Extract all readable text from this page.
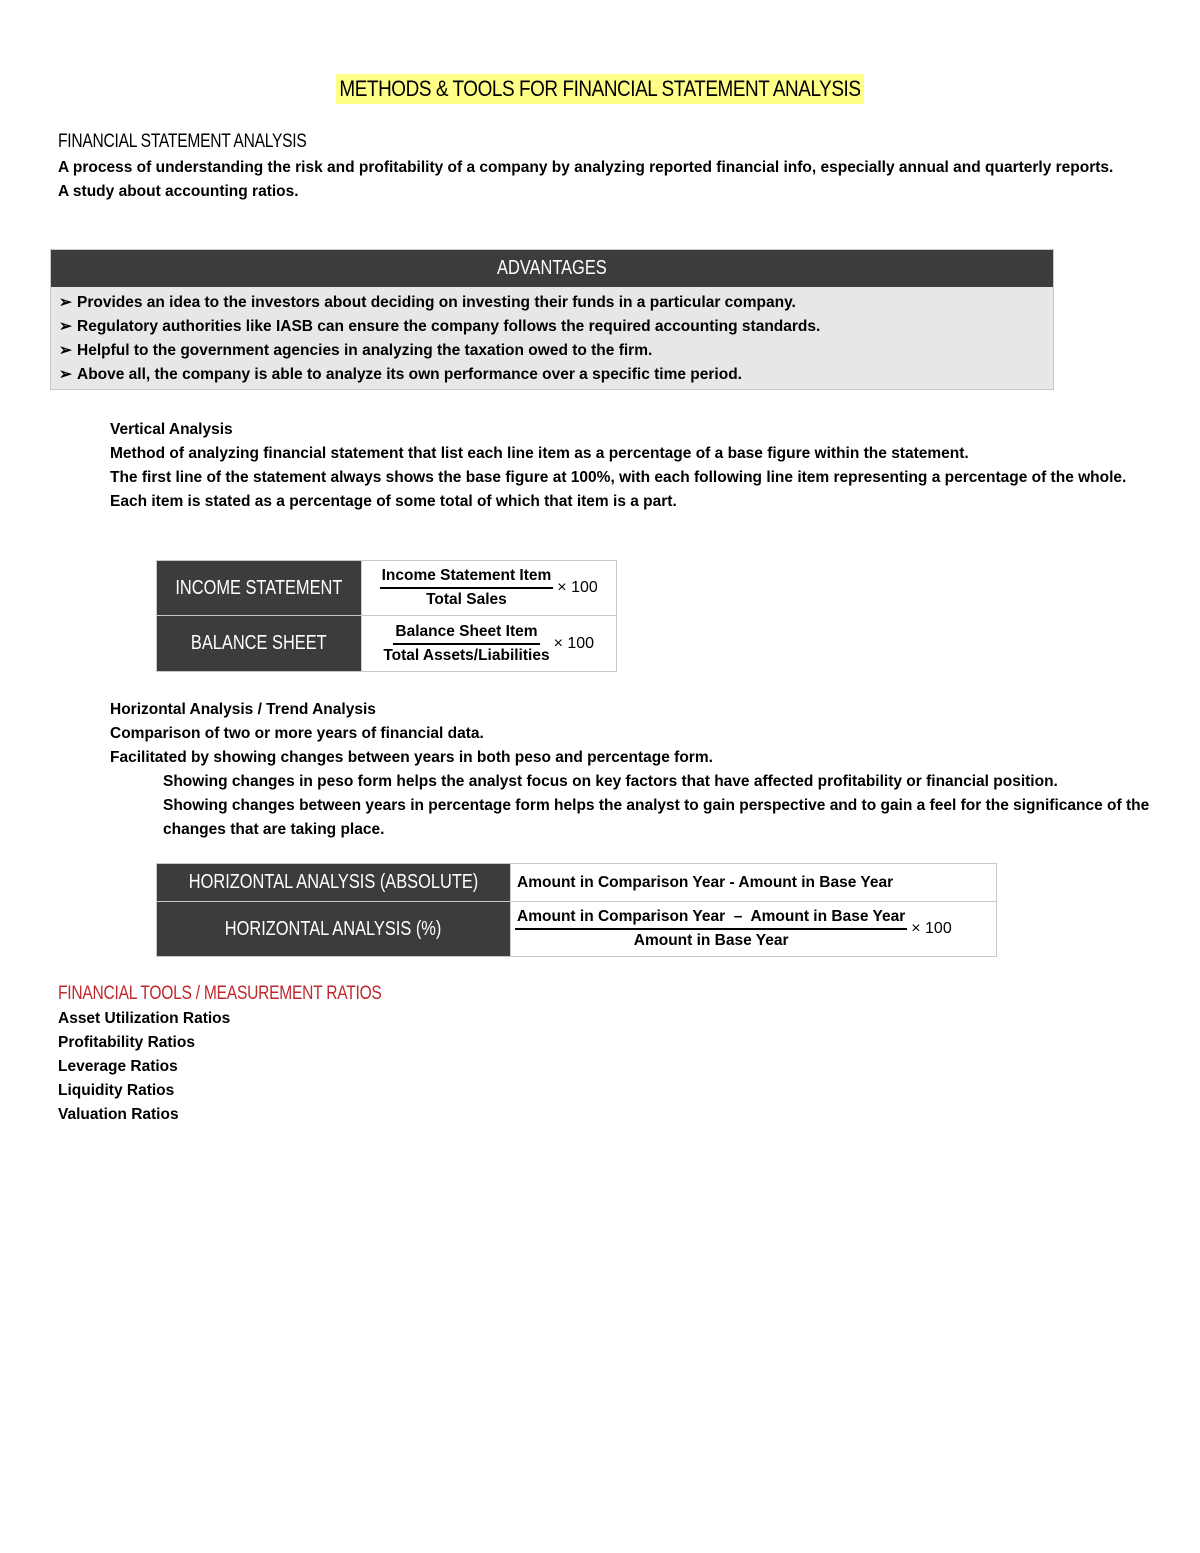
METHODS & TOOLS FOR FINANCIAL STATEMENT ANALYSIS
FINANCIAL STATEMENT ANALYSIS

A process of understanding the risk and profitability of a company by analyzing reported financial info, especially annual and quarterly reports.

A study about accounting ratios.

ADVANTAGES
➢ Provides an idea to the investors about deciding on investing their funds in a particular company.
➢ Regulatory authorities like IASB can ensure the company follows the required accounting standards.
➢ Helpful to the government agencies in analyzing the taxation owed to the firm.
➢ Above all, the company is able to analyze its own performance over a specific time period.

Vertical Analysis

Method of analyzing financial statement that list each line item as a percentage of a base figure within the statement.

The first line of the statement always shows the base figure at 100%, with each following line item representing a percentage of the whole.

Each item is stated as a percentage of some total of which that item is a part.

INCOME STATEMENT	$\frac{\text{Income Statement Item}}{\text{Total Sales}} \times 100$

BALANCE SHEET	$\frac{\text{Balance Sheet Item}}{\text{Total Assets/Liabilities}} \times 100$

Horizontal Analysis / Trend Analysis

Comparison of two or more years of financial data.

Facilitated by showing changes between years in both peso and percentage form.

Showing changes in peso form helps the analyst focus on key factors that have affected profitability or financial position.

Showing changes between years in percentage form helps the analyst to gain perspective and to gain a feel for the significance of the changes that are taking place.

HORIZONTAL ANALYSIS (ABSOLUTE)	Amount in Comparison Year - Amount in Base Year
HORIZONTAL ANALYSIS (%)	$\frac{\text{Amount in Comparison Year  –  Amount in Base Year}}{\text{Amount in Base Year}} \times 100$
FINANCIAL TOOLS / MEASUREMENT RATIOS

Asset Utilization Ratios

Profitability Ratios

Leverage Ratios

Liquidity Ratios

Valuation Ratios
